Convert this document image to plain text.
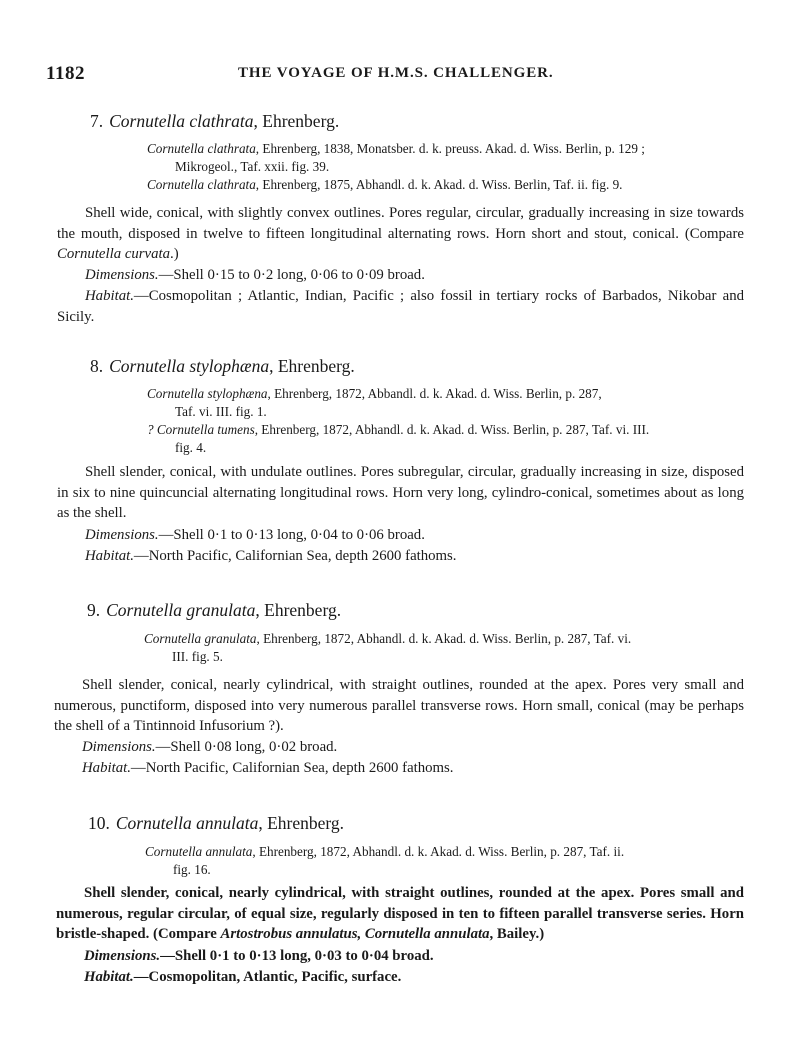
1182	THE VOYAGE OF H.M.S. CHALLENGER.
7. Cornutella clathrata, Ehrenberg.
Cornutella clathrata, Ehrenberg, 1838, Monatsber. d. k. preuss. Akad. d. Wiss. Berlin, p. 129 ;
Mikrogeol., Taf. xxii. fig. 39.
Cornutella clathrata, Ehrenberg, 1875, Abhandl. d. k. Akad. d. Wiss. Berlin, Taf. ii. fig. 9.
Shell wide, conical, with slightly convex outlines. Pores regular, circular, gradually increasing in size towards the mouth, disposed in twelve to fifteen longitudinal alternating rows. Horn short and stout, conical. (Compare Cornutella curvata.)
Dimensions.—Shell 0·15 to 0·2 long, 0·06 to 0·09 broad.
Habitat.—Cosmopolitan ; Atlantic, Indian, Pacific ; also fossil in tertiary rocks of Barbados, Nikobar and Sicily.
8. Cornutella stylophæna, Ehrenberg.
Cornutella stylophæna, Ehrenberg, 1872, Abbandl. d. k. Akad. d. Wiss. Berlin, p. 287,
Taf. vi. III. fig. 1.
? Cornutella tumens, Ehrenberg, 1872, Abhandl. d. k. Akad. d. Wiss. Berlin, p. 287, Taf. vi. III.
fig. 4.
Shell slender, conical, with undulate outlines. Pores subregular, circular, gradually increasing in size, disposed in six to nine quincuncial alternating longitudinal rows. Horn very long, cylindro-conical, sometimes about as long as the shell.
Dimensions.—Shell 0·1 to 0·13 long, 0·04 to 0·06 broad.
Habitat.—North Pacific, Californian Sea, depth 2600 fathoms.
9. Cornutella granulata, Ehrenberg.
Cornutella granulata, Ehrenberg, 1872, Abhandl. d. k. Akad. d. Wiss. Berlin, p. 287, Taf. vi.
III. fig. 5.
Shell slender, conical, nearly cylindrical, with straight outlines, rounded at the apex. Pores very small and numerous, punctiform, disposed into very numerous parallel transverse rows. Horn small, conical (may be perhaps the shell of a Tintinnoid Infusorium ?).
Dimensions.—Shell 0·08 long, 0·02 broad.
Habitat.—North Pacific, Californian Sea, depth 2600 fathoms.
10. Cornutella annulata, Ehrenberg.
Cornutella annulata, Ehrenberg, 1872, Abhandl. d. k. Akad. d. Wiss. Berlin, p. 287, Taf. ii.
fig. 16.
Shell slender, conical, nearly cylindrical, with straight outlines, rounded at the apex. Pores small and numerous, regular circular, of equal size, regularly disposed in ten to fifteen parallel transverse series. Horn bristle-shaped. (Compare Artostrobus annulatus, Cornutella annulata, Bailey.)
Dimensions.—Shell 0·1 to 0·13 long, 0·03 to 0·04 broad.
Habitat.—Cosmopolitan, Atlantic, Pacific, surface.
